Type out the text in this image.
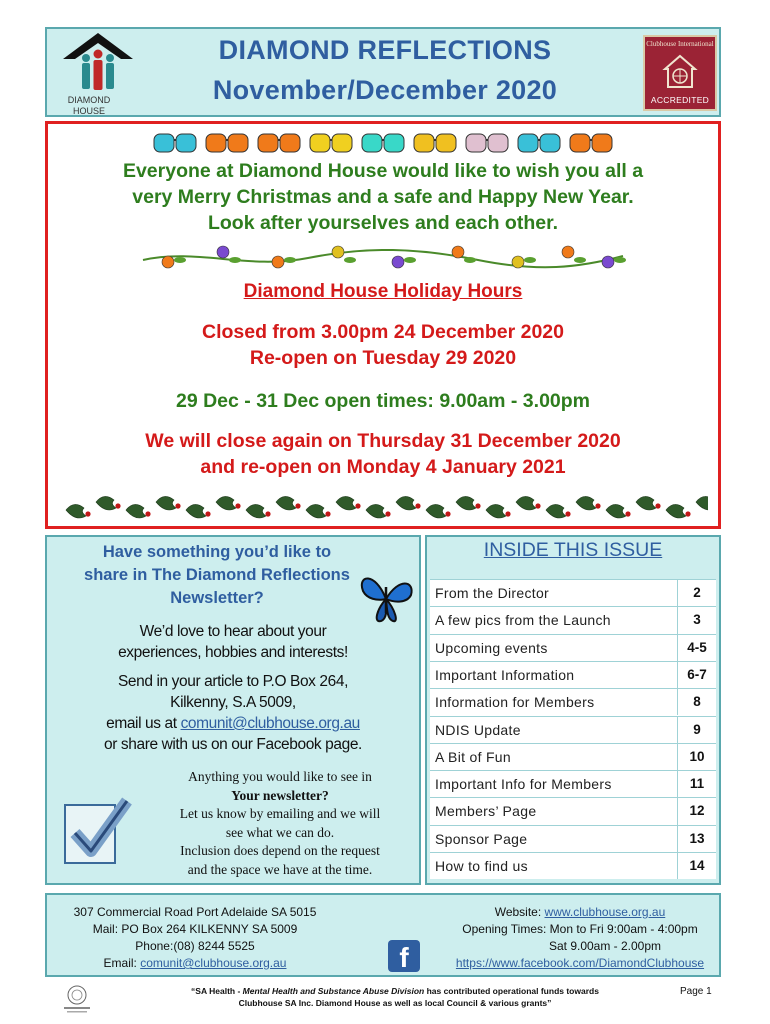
DIAMOND
HOUSE
DIAMOND REFLECTIONS
November/December 2020
Clubhouse International
ACCREDITED
Everyone at Diamond House would like to wish you all a
very Merry Christmas and a safe and Happy New Year.
Look after yourselves and each other.
Diamond House Holiday Hours
Closed from 3.00pm 24 December 2020
Re-open on Tuesday 29 2020
29 Dec - 31 Dec open times: 9.00am - 3.00pm
We will close again on Thursday 31 December 2020
and re-open on Monday 4 January 2021
Have something you’d like to
share in The Diamond Reflections
Newsletter?
We’d love to hear about your
experiences, hobbies and interests!
Send in your article to P.O Box 264,
Kilkenny, S.A 5009,
email us at comunit@clubhouse.org.au
or share with us on our Facebook page.
Anything you would like to see in
Your newsletter?
Let us know by emailing and we will
see what we can do.
Inclusion does depend on the request
and the space we have at the time.
INSIDE THIS ISSUE
From the Director	2
A few pics from the Launch	3
Upcoming events	4-5
Important Information	6-7
Information for Members	8
NDIS Update	9
A Bit of Fun	10
Important Info for Members	11
Members’ Page	12
Sponsor Page	13
How to find us	14
307 Commercial Road Port Adelaide SA 5015
Mail: PO Box 264 KILKENNY SA 5009
Phone:(08) 8244 5525
Email: comunit@clubhouse.org.au	f
Website: www.clubhouse.org.au
Opening Times: Mon to Fri 9:00am - 4:00pm
Sat 9.00am - 2.00pm
https://www.facebook.com/DiamondClubhouse
“SA Health - Mental Health and Substance Abuse Division has contributed operational funds towards
Clubhouse SA Inc. Diamond House as well as local Council & various grants”
Page 1
